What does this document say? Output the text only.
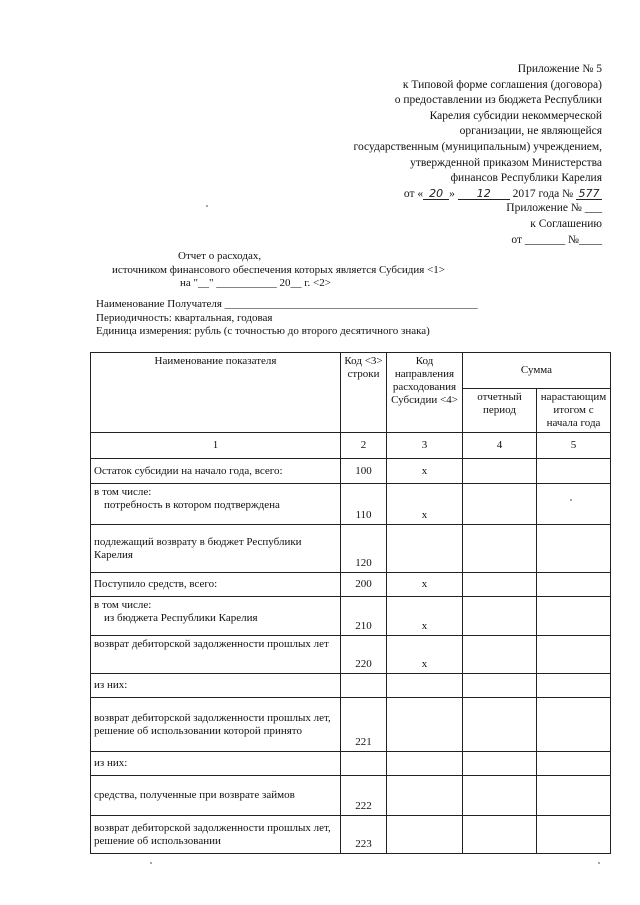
Приложение № 5
к Типовой форме соглашения (договора)
о предоставлении из бюджета Республики
Карелия субсидии некоммерческой
организации, не являющейся
государственным (муниципальным) учреждением,
утвержденной приказом Министерства
финансов Республики Карелия
от « 20 » 12 2017 года № 577
Приложение № ___
к Соглашению
от _______ №____
Отчет о расходах,
источником финансового обеспечения которых является Субсидия <1>
на "__" ___________ 20__ г. <2>
Наименование Получателя ______________________________________________
Периодичность: квартальная, годовая
Единица измерения: рубль (с точностью до второго десятичного знака)
Наименование показателя	Код <3> строки	Код направления расходования Субсидии <4>	Сумма	
			отчетный период	нарастающим итогом с начала года
1	2	3	4	5
Остаток субсидии на начало года, всего:	100	x		

в том числе:
потребность в котором подтверждена	110	x		
подлежащий возврату в бюджет Республики Карелия	120			
Поступило средств, всего:	200	x		

в том числе:
из бюджета Республики Карелия	210	x		
возврат дебиторской задолженности прошлых лет	220	x		
из них:				
возврат дебиторской задолженности прошлых лет, решение об использовании которой принято	221			
из них:				
средства, полученные при возврате займов	222			
возврат дебиторской задолженности прошлых лет, решение об использовании	223			
